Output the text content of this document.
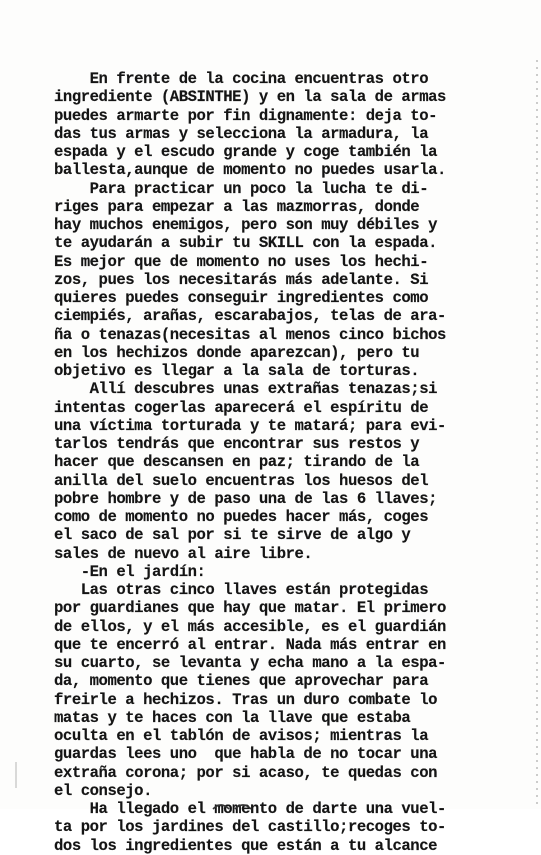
En frente de la cocina encuentras otro
ingrediente (ABSINTHE) y en la sala de armas
puedes armarte por fin dignamente: deja to-
das tus armas y selecciona la armadura, la
espada y el escudo grande y coge también la
ballesta,aunque de momento no puedes usarla.
Para practicar un poco la lucha te di-
riges para empezar a las mazmorras, donde
hay muchos enemigos, pero son muy débiles y
te ayudarán a subir tu SKILL con la espada.
Es mejor que de momento no uses los hechi-
zos, pues los necesitarás más adelante. Si
quieres puedes conseguir ingredientes como
ciempiés, arañas, escarabajos, telas de ara-
ña o tenazas(necesitas al menos cinco bichos
en los hechizos donde aparezcan), pero tu
objetivo es llegar a la sala de torturas.
Allí descubres unas extrañas tenazas;si
intentas cogerlas aparecerá el espíritu de
una víctima torturada y te matará; para evi-
tarlos tendrás que encontrar sus restos y
hacer que descansen en paz; tirando de la
anilla del suelo encuentras los huesos del
pobre hombre y de paso una de las 6 llaves;
como de momento no puedes hacer más, coges
el saco de sal por si te sirve de algo y
sales de nuevo al aire libre.
-En el jardín:
Las otras cinco llaves están protegidas
por guardianes que hay que matar. El primero
de ellos, y el más accesible, es el guardián
que te encerró al entrar. Nada más entrar en
su cuarto, se levanta y echa mano a la espa-
da, momento que tienes que aprovechar para
freirle a hechizos. Tras un duro combate lo
matas y te haces con la llave que estaba
oculta en el tablón de avisos; mientras la
guardas lees uno  que habla de no tocar una
extraña corona; por si acaso, te quedas con
el consejo.
Ha llegado el momento de darte una vuel-
ta por los jardines del castillo;recoges to-
dos los ingredientes que están a tu alcance
